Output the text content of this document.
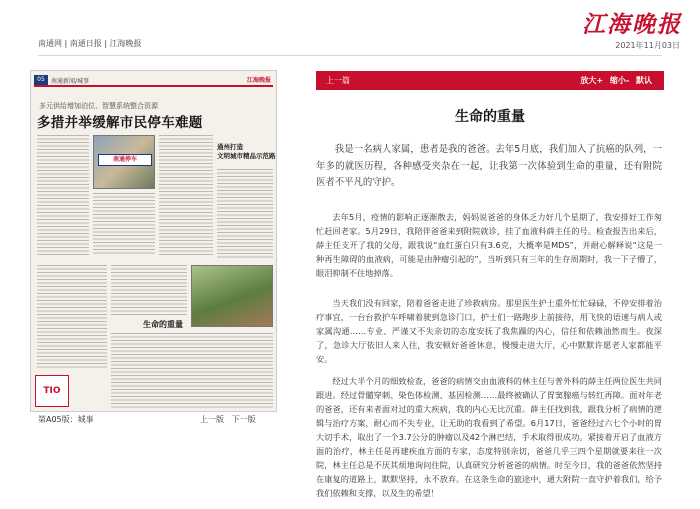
南通网 | 南通日报 | 江海晚报
江海晚报
2021年11月03日
05	南通新闻/城事	江海晚报
多元供给增加泊位、智慧系统整合资源
多措并举缓解市民停车难题
南通停车
通州打造
文明城市精品示范路
生命的重量
TIO
第A05版：城事	上一版 下一版
上一篇	放大+ 缩小- 默认
生命的重量

我是一名病人家属，患者是我的爸爸。去年5月底，我们加入了抗癌的队列，一年多的就医历程，各种感受夹杂在一起，让我第一次体验到生命的重量，还有附院医者不平凡的守护。

去年5月，疫情的影响正逐渐散去，妈妈说爸爸的身体乏力好几个星期了，我安排好工作匆忙赶回老家。5月29日，我陪伴爸爸来到附院就诊，挂了血液科薛主任的号。检查报告出来后，薛主任支开了我的父母，跟我说“血红蛋白只有3.6克，大概率是MDS”，并耐心解释说“这是一种再生障碍的血液病，可能是由肿瘤引起的”，当听到只有三年的生存周期时，我一下子懵了，眼泪抑制不住地掉落。

当天我们没有回家，陪着爸爸走进了珍救病房。那里医生护士重外忙忙碌碌，不停安排着治疗事宜，一台台救护车呼啸着驶到急诊门口，护士们一路跑步上前接待，用飞快的语速与病人或家属沟通……专业、严谨又不失亲切的态度安抚了我焦躁的内心，信任和依赖油然而生。夜深了，急诊大厅依旧人来人往，我安顿好爸爸休息，慢慢走进大厅，心中默默许愿老人家都能平安。

经过大半个月的细致检查，爸爸的病情交由血液科的林主任与普外科的薛主任两位医生共同跟进。经过骨髓穿刺、染色体检测、基因检测……最终被确认了胃窦腺癌与转红再障。面对年老的爸爸，还有来者面对过的重大疾病，我的内心无比沉重。薛主任找到我，跟我分析了病情的逻辑与治疗方案，耐心而不失专业，让无助的我看到了希望。6月17日，爸爸经过六七个小时的胃大切手术，取出了一个3.7公分的肿瘤以及42个淋巴结，手术取得很成功。紧接着开启了血液方面的治疗，林主任是再建疾血方面的专家，态度特别亲切，爸爸几乎三四个星期就要来往一次院，林主任总是不厌其烦地询问住院，认真研究分析爸爸的病情。时至今日，我的爸爸依然坚持在康复的道路上，默默坚持，永不放弃。在这条生命的旅途中，通大附院一直守护着我们，给予我们依赖和支撑，以及生的希望！
